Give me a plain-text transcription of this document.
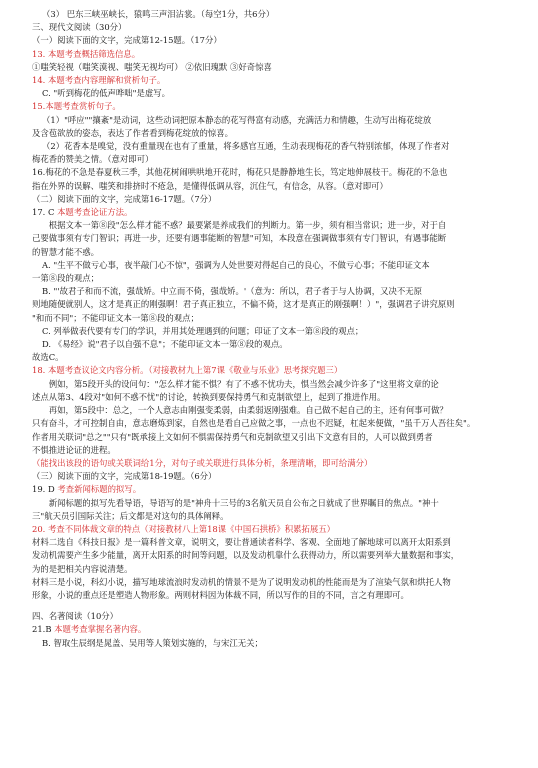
（3） 巴东三峡巫峡长，猿鸣三声泪沾裳。（每空1分，共6分）
三、现代文阅读（30分）
（一）阅读下面的文字，完成第12-15题。（17分）
13. 本题考查概括筛选信息。
①嗤笑轻视（嗤笑漠视、嗤笑无视均可） ②依旧瑰默 ③好奇惊喜
14. 本题考查内容理解和赏析句子。
C. "听到梅花的低声哗咄"是虚写。
15.本题考查赏析句子。
（1）"呼应""攘紊"是动词，这些动词把原本静态的花写得富有动感，充满活力和情趣，生动写出梅花绽放
及含苞欲放的姿态，表达了作者看到梅花绽放的惊喜。
（2）花香本是嗅觉，没有重量现在也有了重量，将多感官互通，生动表现梅花的香气特别浓郁，体现了作者对
梅花香的赞美之情。（意对即可）
16.梅花的不急是春夏秋三季，其他花树闹哄哄地开花时，梅花只是静静地生长，笃定地伸展枝干。梅花的不急也
指在外界的误解、嗤笑和排挤时不疮急，是懂得低调从容，沉住气，有信念，从容。（意对即可）
（二）阅读下面的文字，完成第16-17题。（7分）
17. C 本题考查论证方法。
根据文本一第⑧段"怎么样才能不惑？最要紧是养成我们的判断力。第一步，须有相当常识；进一步，对于自
己要做事须有专门智识；再进一步，还要有遇事能断的智慧"可知，本段意在强调做事须有专门智识，有遇事能断
的智慧才能不惑。
A. "生平不做亏心事，夜半敲门心不惊"，强调为人处世要对得起自己的良心，不做亏心事；不能印证文本
一第⑧段的观点；
B. "'故君子和而不流，强哉矫。中立而不倚，强哉矫。'（意为：所以，君子者于与人协调，又决不无原
则地随便就别人，这才是真正的刚强啊！君子真正独立，不偏不倚，这才是真正的刚强啊！）"，强调君子讲究原则
"和而不同"；不能印证文本一第⑧段的观点；
C. 列举做表代要有专门的学识，并用其处理遇到的问题；印证了文本一第⑧段的观点；
D. 《易经》说"君子以自强不息"；不能印证文本一第⑧段的观点。
故选C。
18. 本题考查议论文内容分析。（对接教材九上第7课《敬业与乐业》思考探究题三）
例如，第5段开头的设问句："怎么样才能不惧？有了不惑不忧功夫，惧当然会减少许多了"这里将文章的论
述点从第3、4段对"如何不惑不忧"的讨论，转换到要保持勇气和克制欲望上，起到了推进作用。
再如，第5段中：总之，一个人意志由刚强变柔弱，由柔弱返刚强难。自己做不起自己的主，还有何事可做？
只有奋斗，才可控制自由，意志磨炼到家，自然也是看自己应做之事，一点也不迟疑，杠起来便做，"虽千万人吾往矣"。
作者用关联词"总之""只有"既承接上文如何不惧需保持勇气和克制欲望又引出下文意有目的，人可以做到勇者
不惧推进论证的进程。
（能找出该段的语句或关联词给1分，对句子或关联进行具体分析，条理清晰，即可给满分）
（三）阅读下面的文字，完成第18-19题。（6分）
19. D 考查新闻标题的拟写。
新闻标题的拟写先看导语，导语写的是"神舟十三号的3名航天员自公布之日就成了世界瞩目的焦点。"神十
三"航天员引国际关注；后文都是对这句的具体阐释。
20. 考查不同体裁文章的特点（对接教材八上第18课《中国石拱桥》积累拓展五）
材料二选自《科技日报》是一篇科普文章，说明文，要让普通读者科学、客观、全面地了解地球可以离开太阳系到
发动机需要产生多少能量，离开太阳系的时间等问题，以及发动机靠什么获得动力，所以需要列举大量数据和事实，
为的是把相关内容说清楚。
材料三是小说，科幻小说，描写地球流浪时发动机的情景不是为了说明发动机的性能而是为了渲染气氛和烘托人物
形象，小说的重点还是塑造人物形象。两则材料因为体裁不同，所以写作的目的不同，言之有理即可。
四、名著阅读（10分）
21.B 本题考查掌握名著内容。
B. 智取生辰纲是晁盖、吴用等人策划实施的，与宋江无关；
